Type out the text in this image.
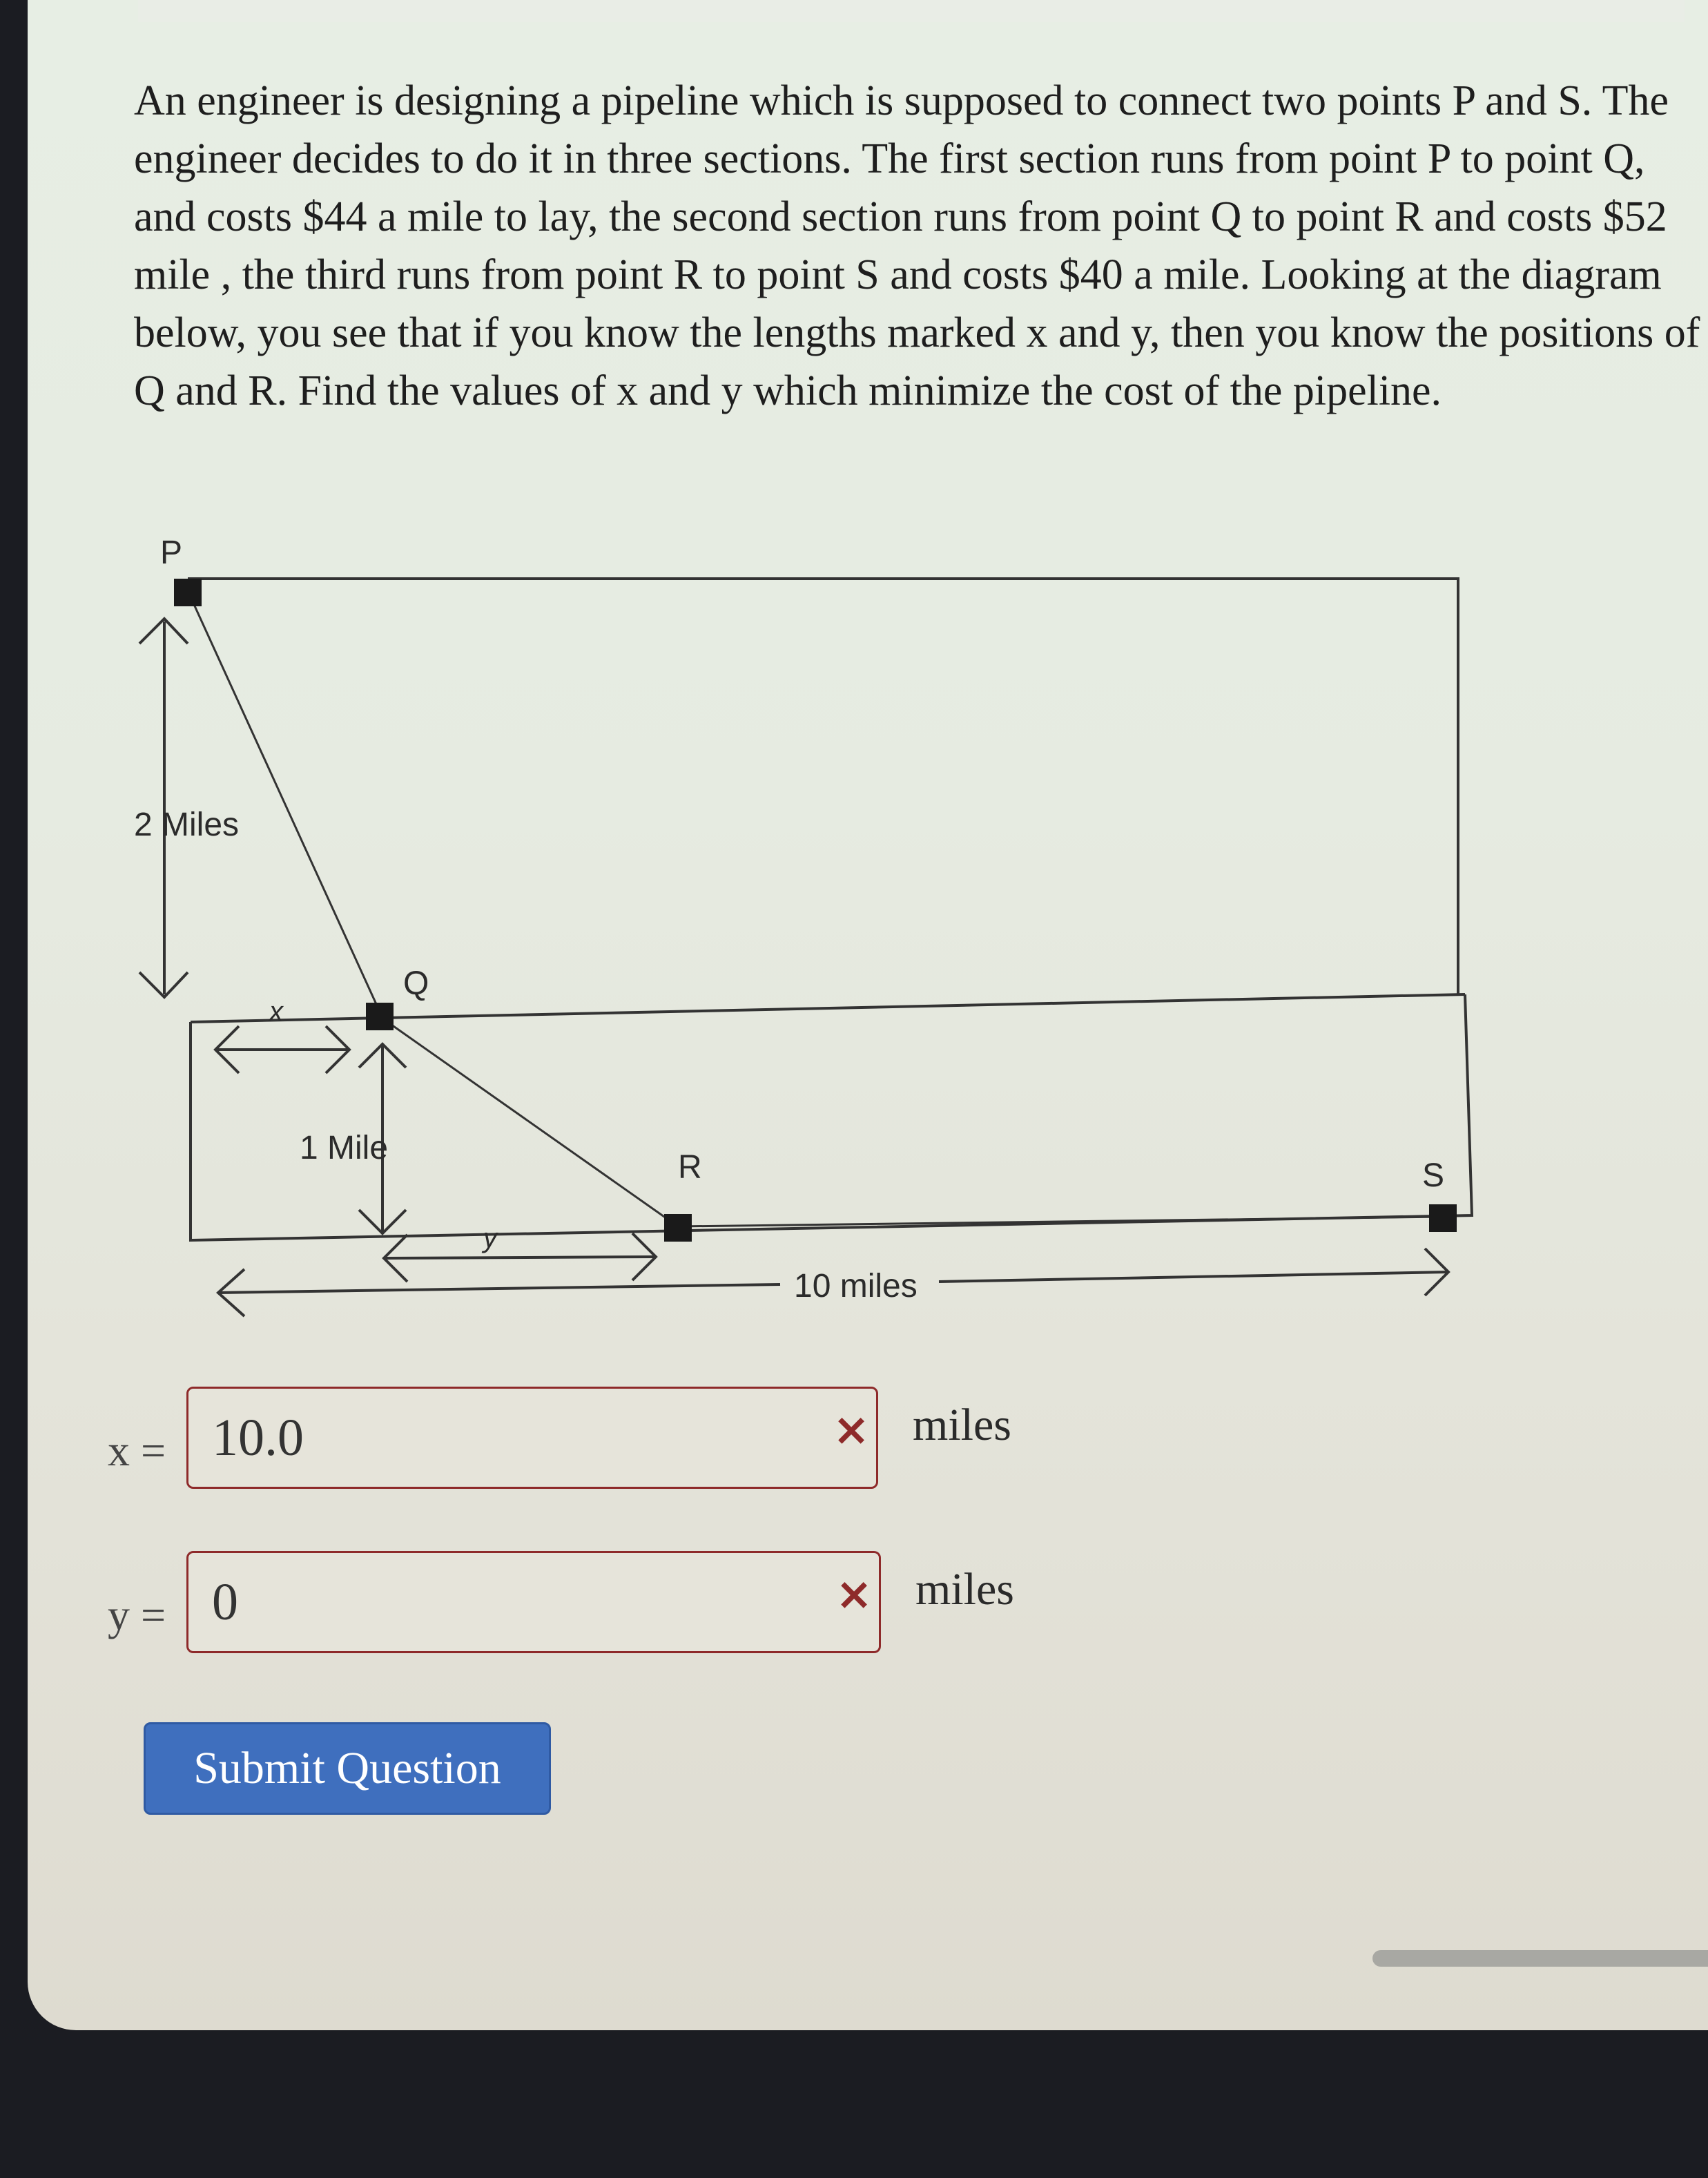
An engineer is designing a pipeline which is supposed to connect two points P and S. The engineer decides to do it in three sections. The first section runs from point P to point Q, and costs $44 a mile to lay, the second section runs from point Q to point R and costs $52 mile , the third runs from point R to point S and costs $40 a mile. Looking at the diagram below, you see that if you know the lengths marked x and y, then you know the positions of Q and R. Find the values of x and y which minimize the cost of the pipeline.

P
Q
R	S
2 Miles
1 Mile
x
y
10 miles
x =
10.0	× miles
y =
0	× miles
Submit Question
